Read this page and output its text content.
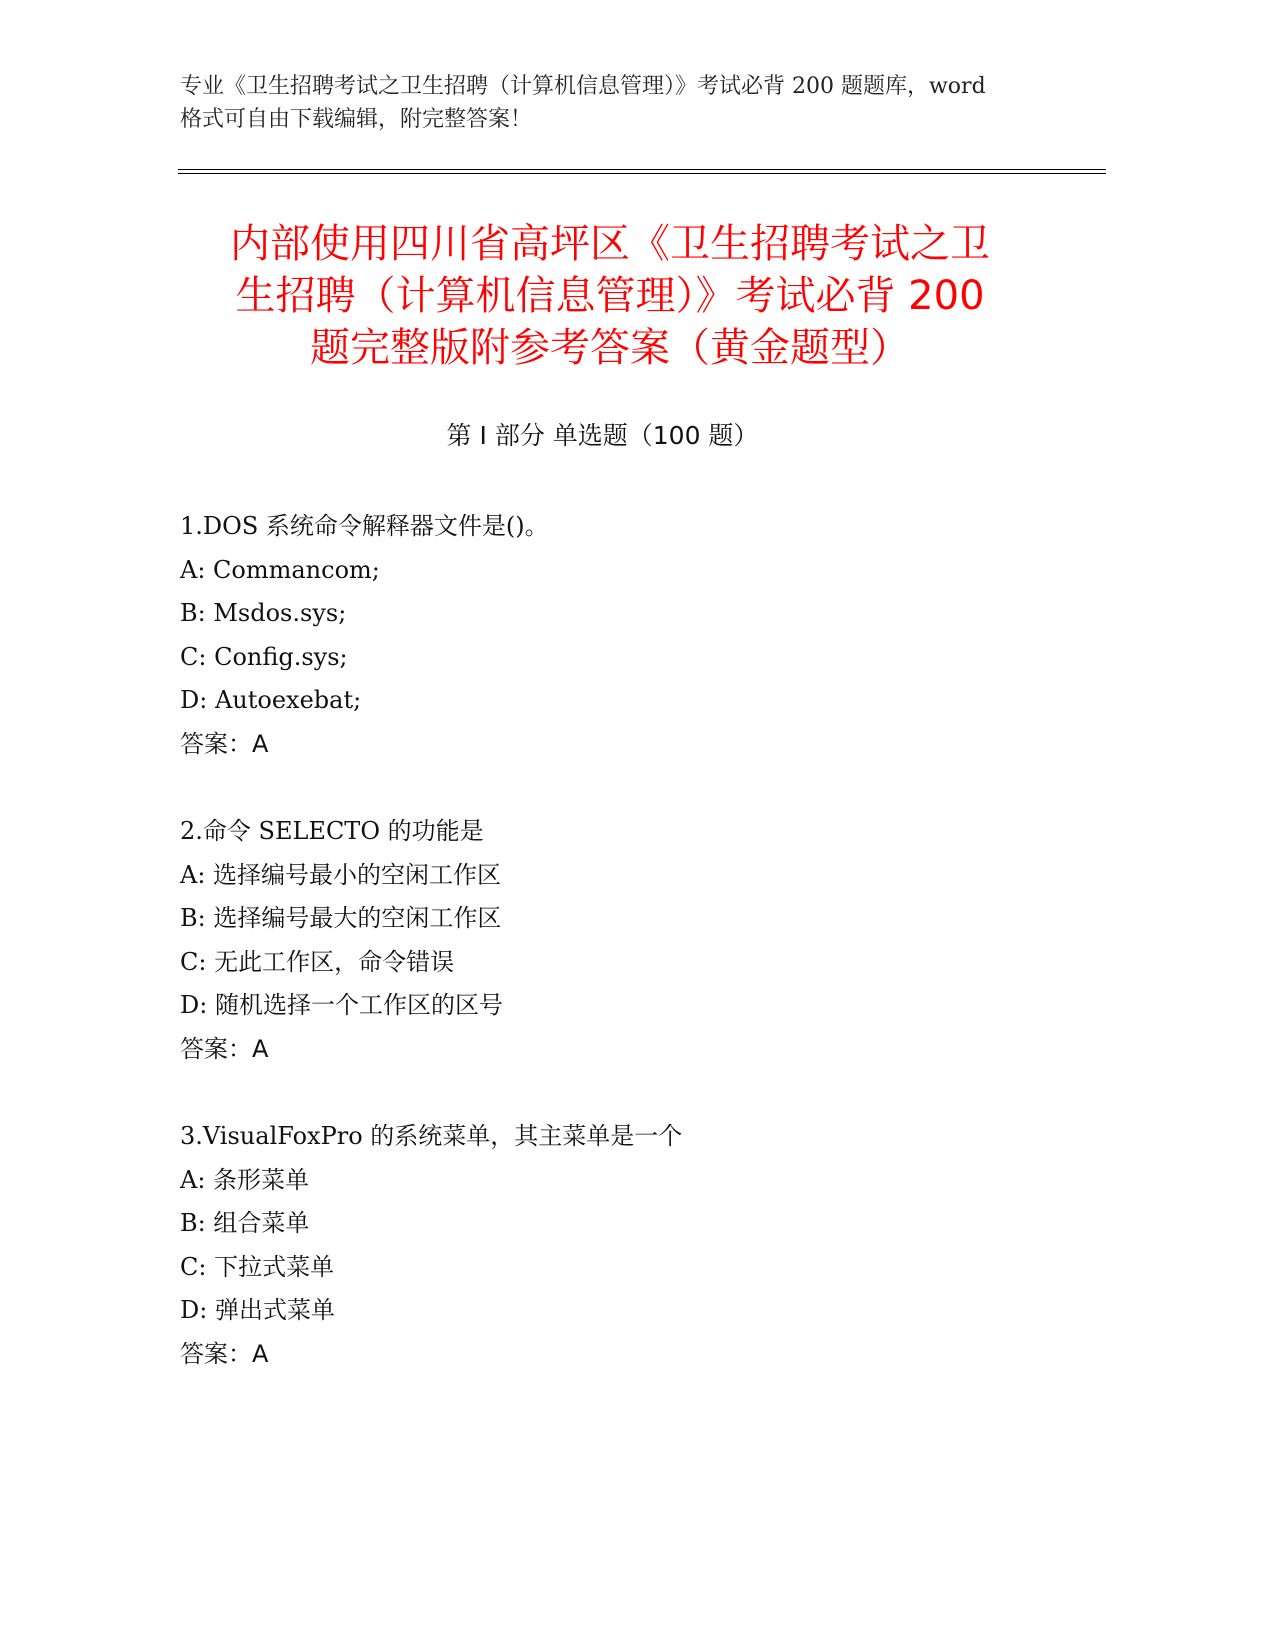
专业《卫生招聘考试之卫生招聘（计算机信息管理）》考试必背 200 题题库，word
格式可自由下载编辑，附完整答案！
内部使用四川省高坪区《卫生招聘考试之卫
生招聘（计算机信息管理）》考试必背 200
题完整版附参考答案（黄金题型）
第 I 部分 单选题（100 题）
1.DOS 系统命令解释器文件是()。
A: Commancom;
B: Msdos.sys;
C: Config.sys;
D: Autoexebat;
答案：A
2.命令 SELECTO 的功能是
A: 选择编号最小的空闲工作区
B: 选择编号最大的空闲工作区
C: 无此工作区，命令错误
D: 随机选择一个工作区的区号
答案：A
3.VisualFoxPro 的系统菜单，其主菜单是一个
A: 条形菜单
B: 组合菜单
C: 下拉式菜单
D: 弹出式菜单
答案：A
